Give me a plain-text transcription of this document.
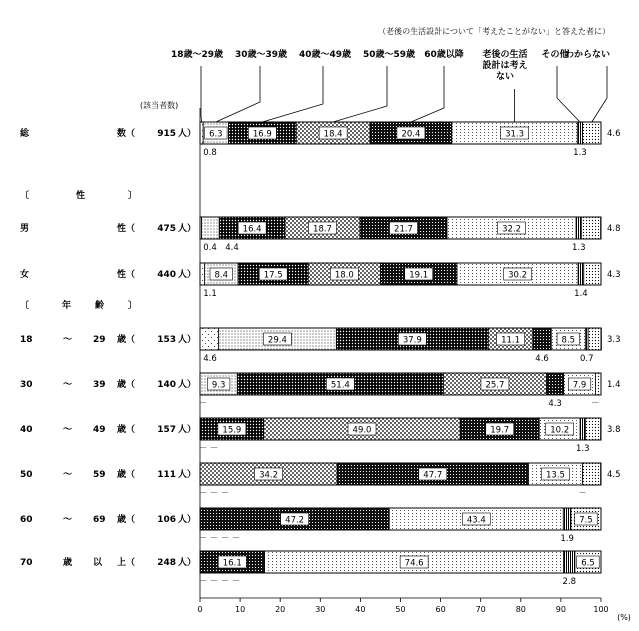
（老後の生活設計について「考えたことがない」と答えた者に）
(該当者数)
18歳～29歳 30歳～39歳 40歳～49歳 50歳～59歳 60歳以降 老後の生活
設計は考え
ない
その他
わからない
〔	性	〕
〔	年	齢	〕
総	数（ 915 人） 6.3	16.9	18.4	20.4	31.3
0.8	1.3
4.6
男	性（ 475 人）	16.4	18.7	21.7	32.2
0.4 4.4	1.3
4.8
女	性（ 440 人） 8.4	17.5	18.0	19.1	30.2
1.1	1.4
4.3
18	～ 29 歳（ 153 人）	29.4	37.9	11.1	8.5
4.6	4.6	0.7
3.3
30	～ 39 歳（ 140 人） 9.3	51.4	25.7	7.9
－	4.3	－
1.4
40	～ 49 歳（ 157 人）	15.9	49.0	19.7	10.2
－ －	1.3
3.8
50	～ 59 歳（ 111 人）	34.2	47.7	13.5
－ － －	－
4.5
60	～ 69 歳（ 106 人）	47.2	43.4	7.5
－ － － －	1.9
70	歳 以 上（ 248 人）	16.1	74.6	6.5
－ － － －	2.8
0	10	20	30	40	50	60	70	80	90	100
(%)
